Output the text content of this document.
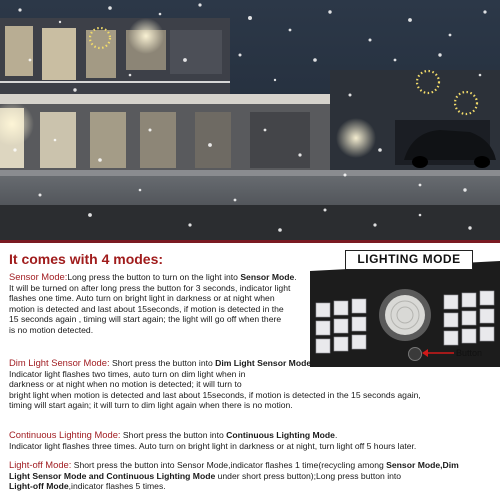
LIGHTING MODE
Button
It comes with 4 modes:
Sensor Mode:Long press the button to turn on the light into Sensor Mode.
It will be turned on after long press the button for 3 seconds, indicator light
flashes one time. Auto turn on bright light in darkness or at night when
motion is detected and last about 15seconds, if motion is detected in the
15 seconds again , timing will start again; the light will go off when there
is no motion detected.
Dim Light Sensor Mode: Short press the button into Dim Light Sensor Mode,
Indicator light flashes two times, auto turn on dim light when in
darkness or at night when no motion is detected; it will turn to
bright light when motion is detected and last about 15seconds, if motion is detected in the 15 seconds again,
timing will start again; it will turn to dim light again when there is no motion.
Continuous Lighting Mode: Short press the button into Continuous Lighting Mode.
Indicator light flashes three times. Auto turn on bright light in darkness or at night, turn light off 5 hours later.
Light-off Mode: Short press the button into Sensor Mode,indicator flashes 1 time(recycling among Sensor Mode,Dim
Light Sensor Mode and Continuous Lighting Mode under short press button);Long press button into
Light-off Mode,indicator flashes 5 times.
